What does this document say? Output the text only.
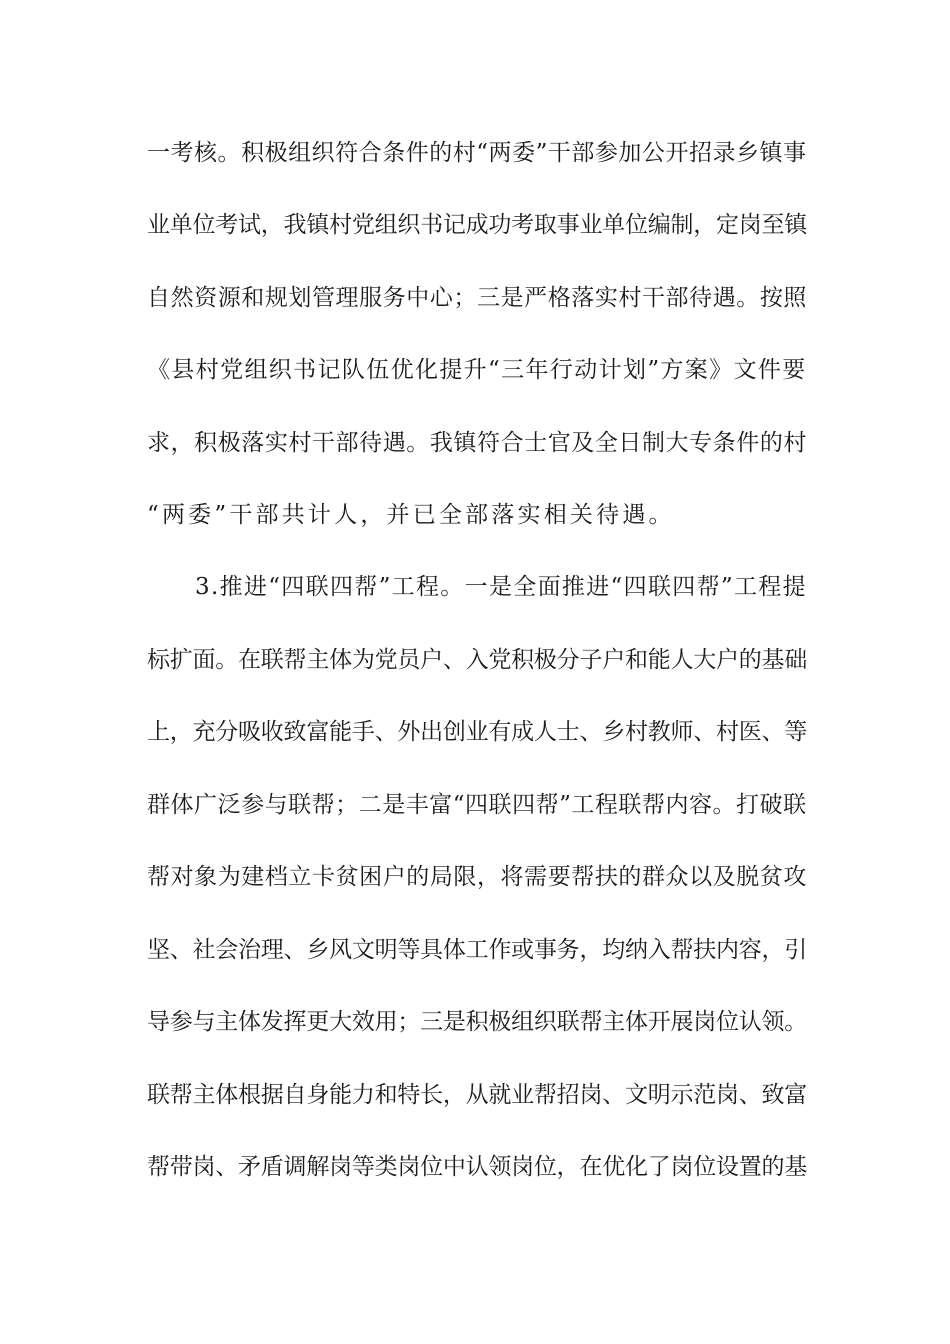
一考核。积极组织符合条件的村“两委”干部参加公开招录乡镇事
业单位考试，我镇村党组织书记成功考取事业单位编制，定岗至镇
自然资源和规划管理服务中心；三是严格落实村干部待遇。按照
《县村党组织书记队伍优化提升“三年行动计划”方案》文件要
求，积极落实村干部待遇。我镇符合士官及全日制大专条件的村
“两委”干部共计人，并已全部落实相关待遇。
3.推进“四联四帮”工程。一是全面推进“四联四帮”工程提
标扩面。在联帮主体为党员户、入党积极分子户和能人大户的基础
上，充分吸收致富能手、外出创业有成人士、乡村教师、村医、等
群体广泛参与联帮；二是丰富“四联四帮”工程联帮内容。打破联
帮对象为建档立卡贫困户的局限，将需要帮扶的群众以及脱贫攻
坚、社会治理、乡风文明等具体工作或事务，均纳入帮扶内容，引
导参与主体发挥更大效用；三是积极组织联帮主体开展岗位认领。
联帮主体根据自身能力和特长，从就业帮招岗、文明示范岗、致富
帮带岗、矛盾调解岗等类岗位中认领岗位，在优化了岗位设置的基
